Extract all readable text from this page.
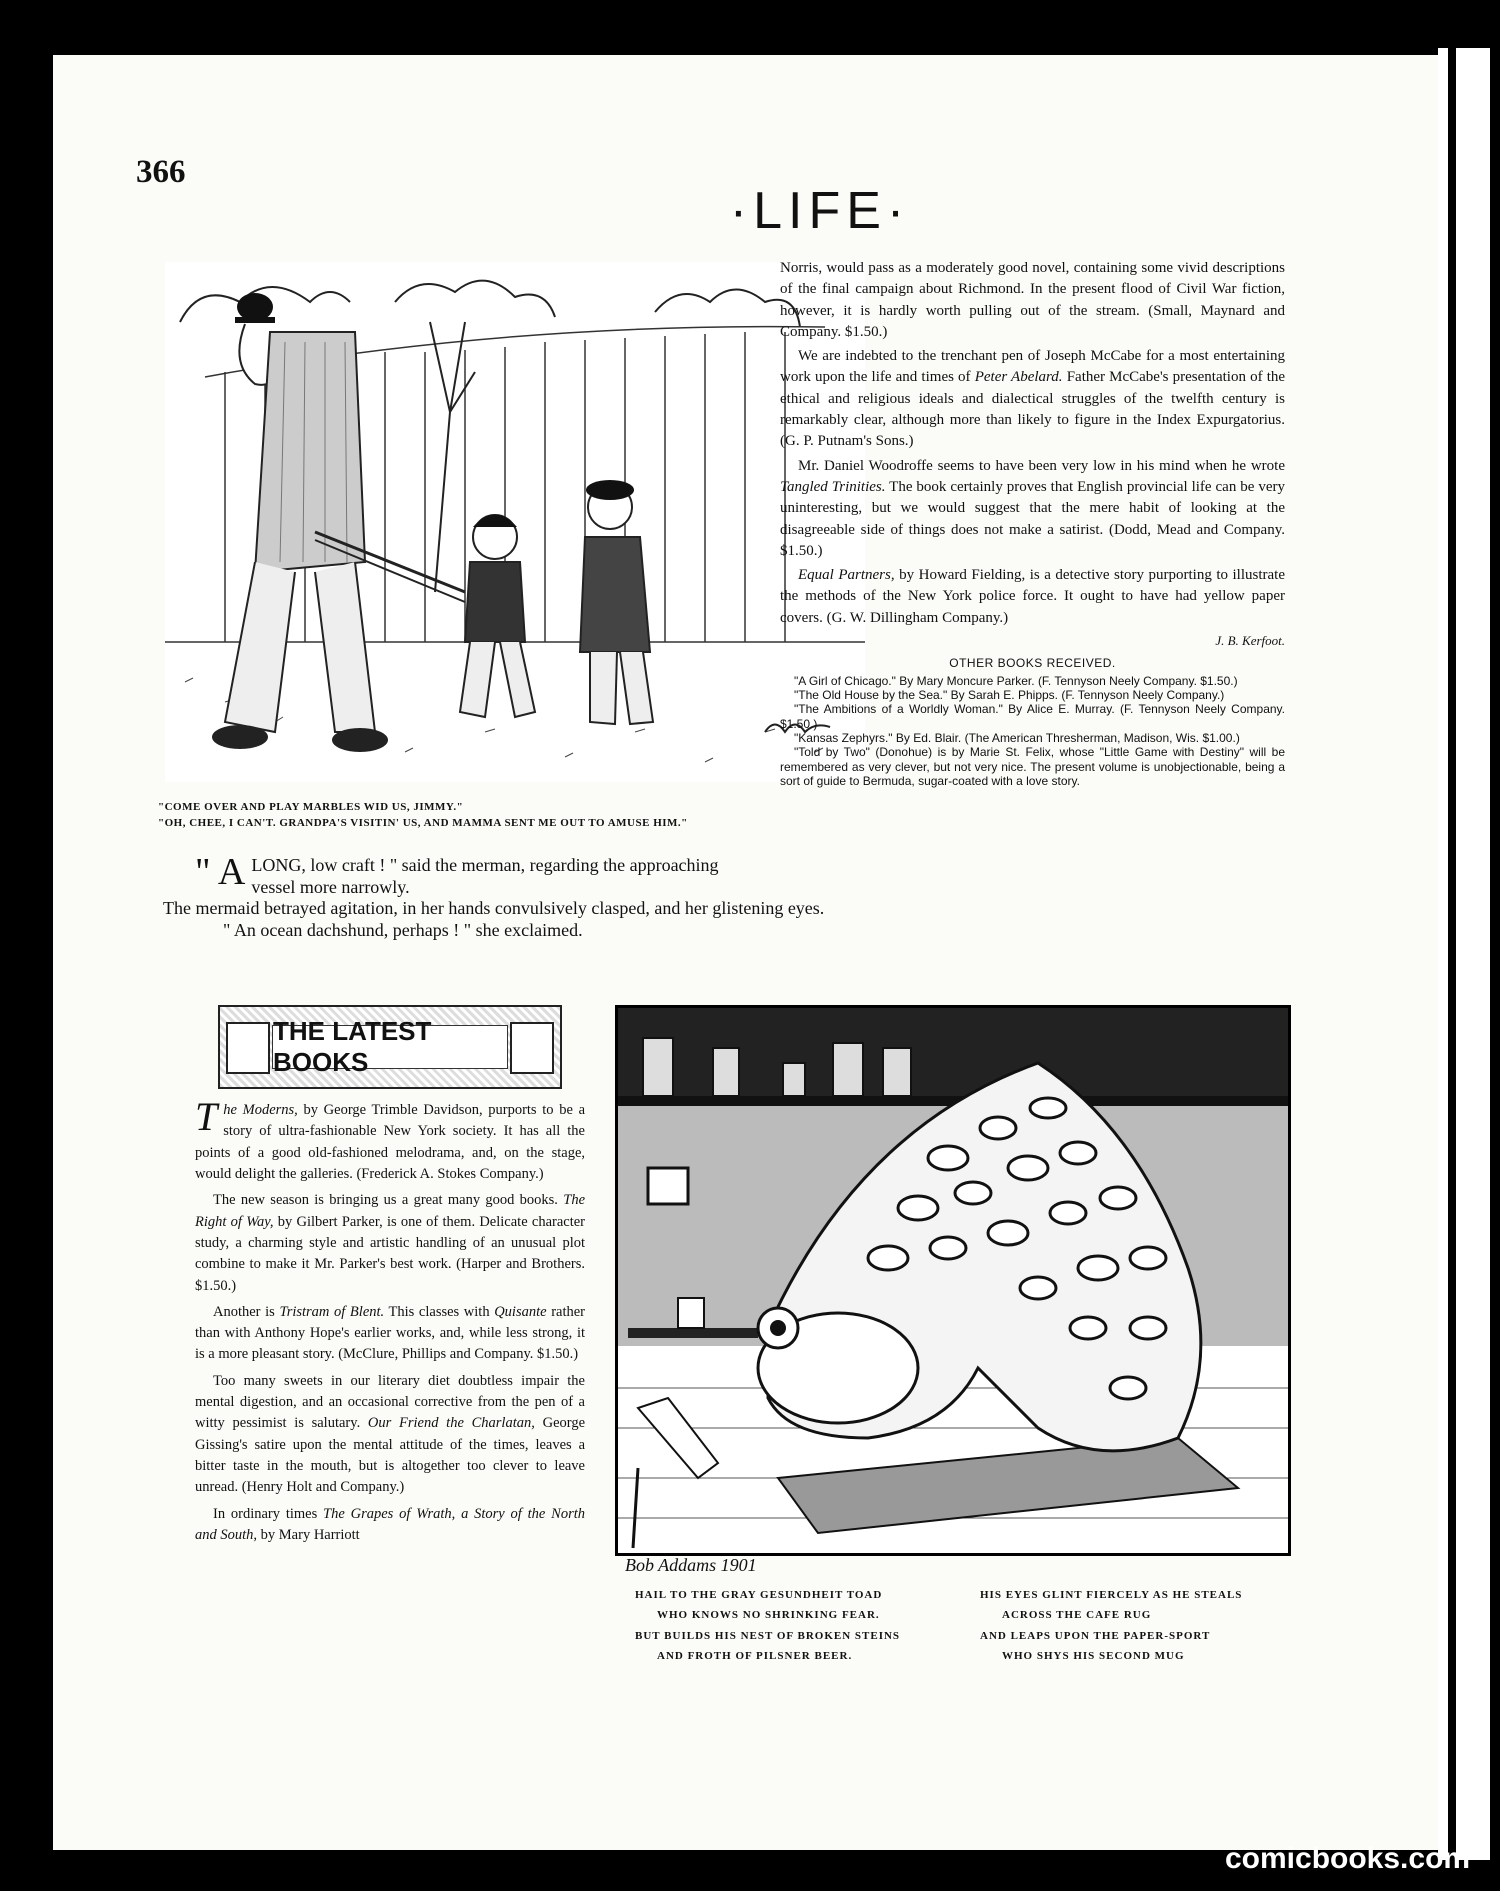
366
·LIFE·
"COME OVER AND PLAY MARBLES WID US, JIMMY."
"OH, CHEE, I CAN'T. GRANDPA'S VISITIN' US, AND MAMMA SENT ME OUT TO AMUSE HIM."

" A LONG, low craft ! " said the merman, regarding the approaching

vessel more narrowly.

The mermaid betrayed agitation, in her hands convulsively clasped, and her glistening eyes.

" An ocean dachshund, perhaps ! " she exclaimed.

Norris, would pass as a moderately good novel, containing some vivid descriptions of the final campaign about Richmond. In the present flood of Civil War fiction, however, it is hardly worth pulling out of the stream. (Small, Maynard and Company. $1.50.)

We are indebted to the trenchant pen of Joseph McCabe for a most entertaining work upon the life and times of Peter Abelard. Father McCabe's presentation of the ethical and religious ideals and dialectical struggles of the twelfth century is remarkably clear, although more than likely to figure in the Index Expurgatorius. (G. P. Putnam's Sons.)

Mr. Daniel Woodroffe seems to have been very low in his mind when he wrote Tangled Trinities. The book certainly proves that English provincial life can be very uninteresting, but we would suggest that the mere habit of looking at the disagreeable side of things does not make a satirist. (Dodd, Mead and Company. $1.50.)

Equal Partners, by Howard Fielding, is a detective story purporting to illustrate the methods of the New York police force. It ought to have had yellow paper covers. (G. W. Dillingham Company.)

J. B. Kerfoot.
OTHER BOOKS RECEIVED.

"A Girl of Chicago." By Mary Moncure Parker. (F. Tennyson Neely Company. $1.50.)

"The Old House by the Sea." By Sarah E. Phipps. (F. Tennyson Neely Company.)

"The Ambitions of a Worldly Woman." By Alice E. Murray. (F. Tennyson Neely Company. $1.50.)

"Kansas Zephyrs." By Ed. Blair. (The American Thresherman, Madison, Wis. $1.00.)

"Told by Two" (Donohue) is by Marie St. Felix, whose "Little Game with Destiny" will be remembered as very clever, but not very nice. The present volume is unobjectionable, being a sort of guide to Bermuda, sugar-coated with a love story.

THE LATEST BOOKS

The Moderns, by George Trimble Davidson, purports to be a story of ultra-fashionable New York society. It has all the points of a good old-fashioned melodrama, and, on the stage, would delight the galleries. (Frederick A. Stokes Company.)

The new season is bringing us a great many good books. The Right of Way, by Gilbert Parker, is one of them. Delicate character study, a charming style and artistic handling of an unusual plot combine to make it Mr. Parker's best work. (Harper and Brothers. $1.50.)

Another is Tristram of Blent. This classes with Quisante rather than with Anthony Hope's earlier works, and, while less strong, it is a more pleasant story. (McClure, Phillips and Company. $1.50.)

Too many sweets in our literary diet doubtless impair the mental digestion, and an occasional corrective from the pen of a witty pessimist is salutary. Our Friend the Charlatan, George Gissing's satire upon the mental attitude of the times, leaves a bitter taste in the mouth, but is altogether too clever to leave unread. (Henry Holt and Company.)

In ordinary times The Grapes of Wrath, a Story of the North and South, by Mary Harriott

Bob Addams 1901
HAIL TO THE GRAY GESUNDHEIT TOAD
WHO KNOWS NO SHRINKING FEAR.
BUT BUILDS HIS NEST OF BROKEN STEINS
AND FROTH OF PILSNER BEER.
HIS EYES GLINT FIERCELY AS HE STEALS
ACROSS THE CAFE RUG
AND LEAPS UPON THE PAPER-SPORT
WHO SHYS HIS SECOND MUG
comicbooks.com
